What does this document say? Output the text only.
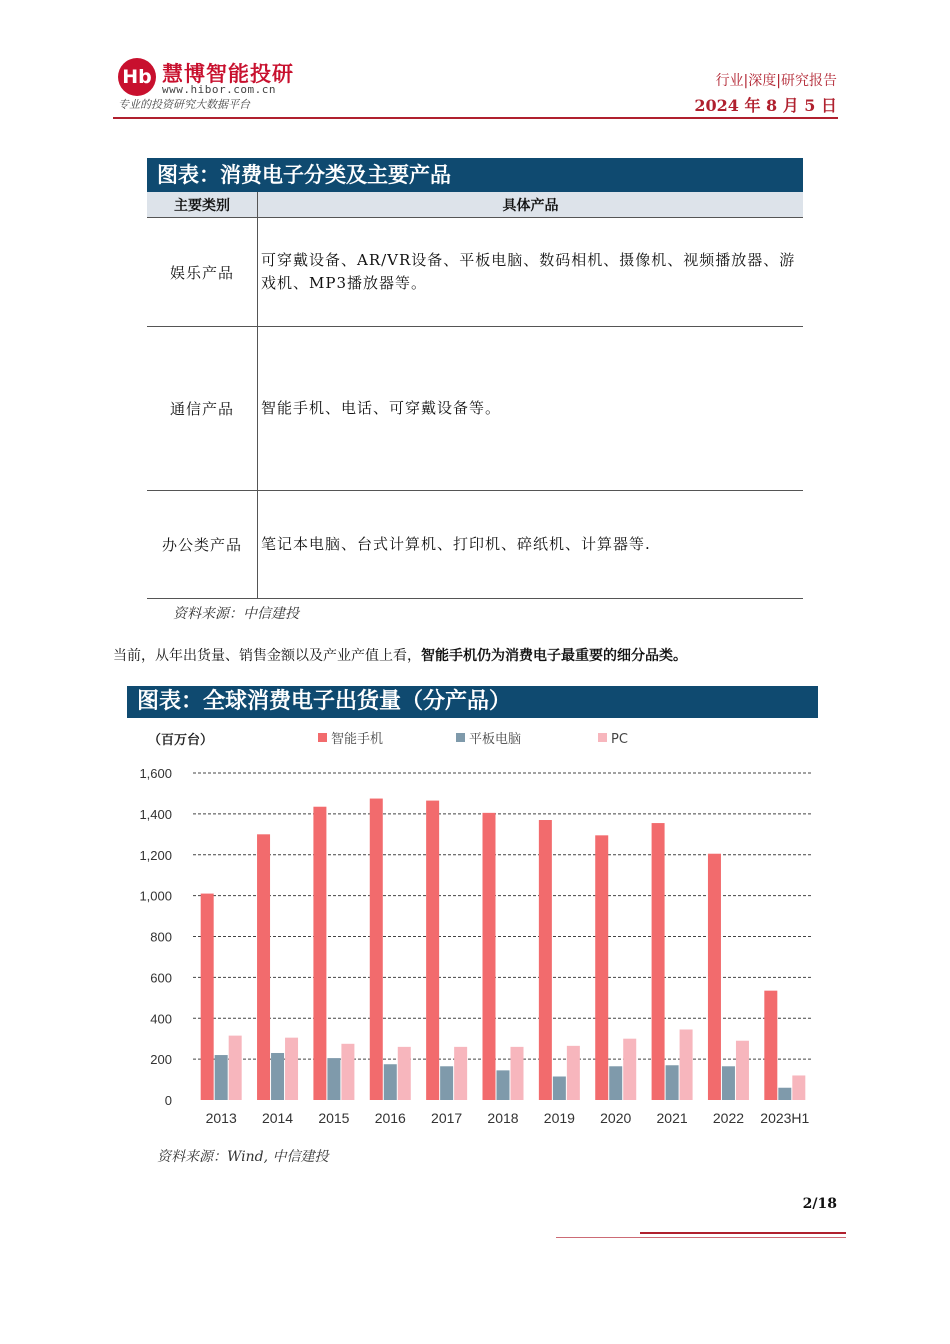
Hb 慧博智能投研
www.hibor.com.cn
专业的投资研究大数据平台
行业|深度|研究报告
2024 年 8 月 5 日
图表：消费电子分类及主要产品
主要类别	具体产品
娱乐产品	可穿戴设备、AR/VR设备、平板电脑、数码相机、摄像机、视频播放器、游戏机、MP3播放器等。
通信产品	智能手机、电话、可穿戴设备等。
办公类产品	笔记本电脑、台式计算机、打印机、碎纸机、计算器等.
资料来源：中信建投
当前，从年出货量、销售金额以及产业产值上看，智能手机仍为消费电子最重要的细分品类。
图表：全球消费电子出货量（分产品）
（百万台）	智能手机	平板电脑	PC
0
200
400
600
800
1,000
1,200
1,400
1,600
2013 2014 2015 2016 2017 2018 2019 2020 2021 2022 2023H1
资料来源：Wind, 中信建投
2/18
